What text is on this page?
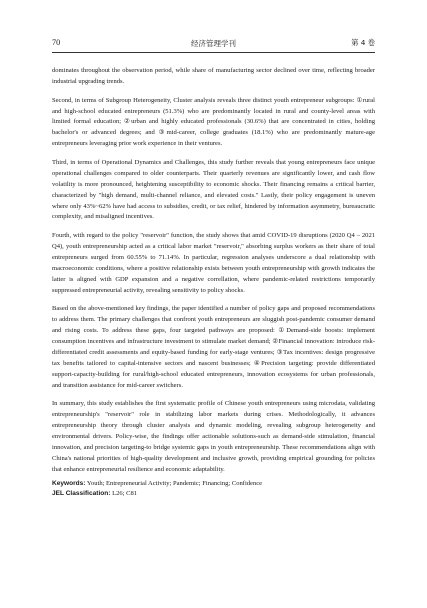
70	经济管理学刊	第 4 卷

dominates throughout the observation period, while share of manufacturing sector declined over time, reflecting broader industrial upgrading trends.

Second, in terms of Subgroup Heterogeneity, Cluster analysis reveals three distinct youth entrepreneur subgroups: ①rural and high-school educated entrepreneurs (51.3%) who are predominantly located in rural and county-level areas with limited formal education; ②urban and highly educated professionals (30.6%) that are concentrated in cities, holding bachelor's or advanced degrees; and ③mid-career, college graduates (18.1%) who are predominantly mature-age entrepreneurs leveraging prior work experience in their ventures.

Third, in terms of Operational Dynamics and Challenges, this study further reveals that young entrepreneurs face unique operational challenges compared to older counterparts. Their quarterly revenues are significantly lower, and cash flow volatility is more pronounced, heightening susceptibility to economic shocks. Their financing remains a critical barrier, characterized by "high demand, multi-channel reliance, and elevated costs." Lastly, their policy engagement is uneven where only 43%~62% have had access to subsidies, credit, or tax relief, hindered by information asymmetry, bureaucratic complexity, and misaligned incentives.

Fourth, with regard to the policy "reservoir" function, the study shows that amid COVID-19 disruptions (2020 Q4 – 2021 Q4), youth entrepreneurship acted as a critical labor market "reservoir," absorbing surplus workers as their share of total entrepreneurs surged from 60.55% to 71.14%. In particular, regression analyses underscore a dual relationship with macroeconomic conditions, where a positive relationship exists between youth entrepreneurship with growth indicates the latter is aligned with GDP expansion and a negative correllation, where pandemic-related restrictions temporarily suppressed entrepreneurial activity, revealing sensitivity to policy shocks.

Based on the above-mentioned key findings, the paper identified a number of policy gaps and proposed recommendations to address them. The primary challenges that confront youth entrepreneurs are sluggish post-pandemic consumer demand and rising costs. To address these gaps, four targeted pathways are proposed: ①Demand-side boosts: implement consumption incentives and infrastructure investment to stimulate market demand; ②Financial innovation: introduce risk-differentiated credit assessments and equity-based funding for early-stage ventures; ③Tax incentives: design progressive tax benefits tailored to capital-intensive sectors and nascent businesses; ④Precision targeting: provide differentiated support-capacity-building for rural/high-school educated entrepreneurs, innovation ecosystems for urban professionals, and transition assistance for mid-career switchers.

In summary, this study establishes the first systematic profile of Chinese youth entrepreneurs using microdata, validating entrepreneurship's "reservoir" role in stabilizing labor markets during crises. Methodologically, it advances entrepreneurship theory through cluster analysis and dynamic modeling, revealing subgroup heterogeneity and environmental drivers. Policy-wise, the findings offer actionable solutions-such as demand-side stimulation, financial innovation, and precision targeting-to bridge systemic gaps in youth entrepreneurship. These recommendations align with China's national priorities of high-quality development and inclusive growth, providing empirical grounding for policies that enhance entrepreneurial resilience and economic adaptability.

Keywords: Youth; Entrepreneurial Activity; Pandemic; Financing; Confidence
JEL Classification: L26; C81
